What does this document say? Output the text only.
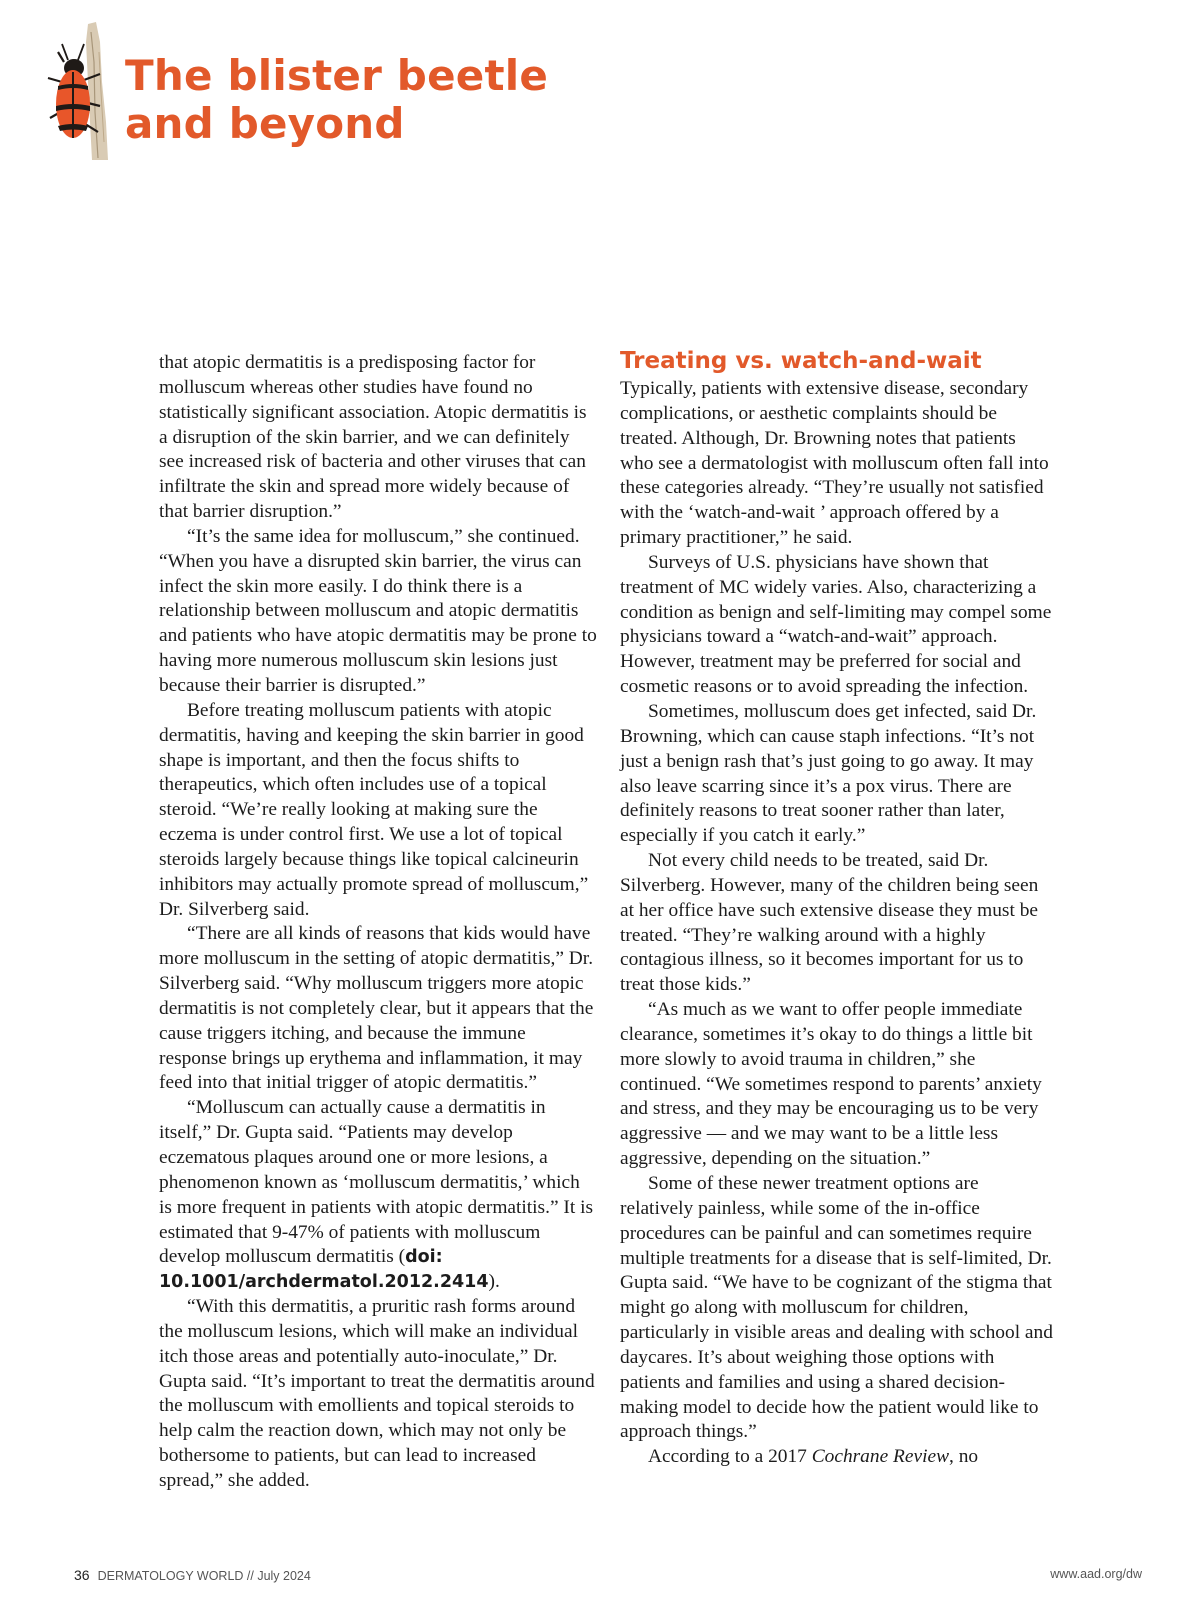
The blister beetle
and beyond

that atopic dermatitis is a predisposing factor for molluscum whereas other studies have found no statistically significant association. Atopic dermatitis is a disruption of the skin barrier, and we can definitely see increased risk of bacteria and other viruses that can infiltrate the skin and spread more widely because of that barrier disruption.”

“It’s the same idea for molluscum,” she continued. “When you have a disrupted skin barrier, the virus can infect the skin more easily. I do think there is a relationship between molluscum and atopic dermatitis and patients who have atopic dermatitis may be prone to having more numerous molluscum skin lesions just because their barrier is disrupted.”

Before treating molluscum patients with atopic dermatitis, having and keeping the skin barrier in good shape is important, and then the focus shifts to therapeutics, which often includes use of a topical steroid. “We’re really looking at making sure the eczema is under control first. We use a lot of topical steroids largely because things like topical calcineurin inhibitors may actually promote spread of molluscum,” Dr. Silverberg said.

“There are all kinds of reasons that kids would have more molluscum in the setting of atopic dermatitis,” Dr. Silverberg said. “Why molluscum triggers more atopic dermatitis is not completely clear, but it appears that the cause triggers itching, and because the immune response brings up erythema and inflammation, it may feed into that initial trigger of atopic dermatitis.”

“Molluscum can actually cause a dermatitis in itself,” Dr. Gupta said. “Patients may develop eczematous plaques around one or more lesions, a phenomenon known as ‘molluscum dermatitis,’ which is more frequent in patients with atopic dermatitis.” It is estimated that 9-47% of patients with molluscum develop molluscum dermatitis (doi: 10.1001/archdermatol.2012.2414).

“With this dermatitis, a pruritic rash forms around the molluscum lesions, which will make an individual itch those areas and potentially auto-inoculate,” Dr. Gupta said. “It’s important to treat the dermatitis around the molluscum with emollients and topical steroids to help calm the reaction down, which may not only be bothersome to patients, but can lead to increased spread,” she added.

Treating vs. watch-and-wait

Typically, patients with extensive disease, secondary complications, or aesthetic complaints should be treated. Although, Dr. Browning notes that patients who see a dermatologist with molluscum often fall into these categories already. “They’re usually not satisfied with the ‘watch-and-wait ’ approach offered by a primary practitioner,” he said.

Surveys of U.S. physicians have shown that treatment of MC widely varies. Also, characterizing a condition as benign and self-limiting may compel some physicians toward a “watch-and-wait” approach. However, treatment may be preferred for social and cosmetic reasons or to avoid spreading the infection.

Sometimes, molluscum does get infected, said Dr. Browning, which can cause staph infections. “It’s not just a benign rash that’s just going to go away. It may also leave scarring since it’s a pox virus. There are definitely reasons to treat sooner rather than later, especially if you catch it early.”

Not every child needs to be treated, said Dr. Silverberg. However, many of the children being seen at her office have such extensive disease they must be treated. “They’re walking around with a highly contagious illness, so it becomes important for us to treat those kids.”

“As much as we want to offer people immediate clearance, sometimes it’s okay to do things a little bit more slowly to avoid trauma in children,” she continued. “We sometimes respond to parents’ anxiety and stress, and they may be encouraging us to be very aggressive — and we may want to be a little less aggressive, depending on the situation.”

Some of these newer treatment options are relatively painless, while some of the in-office procedures can be painful and can sometimes require multiple treatments for a disease that is self-limited, Dr. Gupta said. “We have to be cognizant of the stigma that might go along with molluscum for children, particularly in visible areas and dealing with school and daycares. It’s about weighing those options with patients and families and using a shared decision-making model to decide how the patient would like to approach things.”

According to a 2017 Cochrane Review, no

36 DERMATOLOGY WORLD // July 2024	www.aad.org/dw
